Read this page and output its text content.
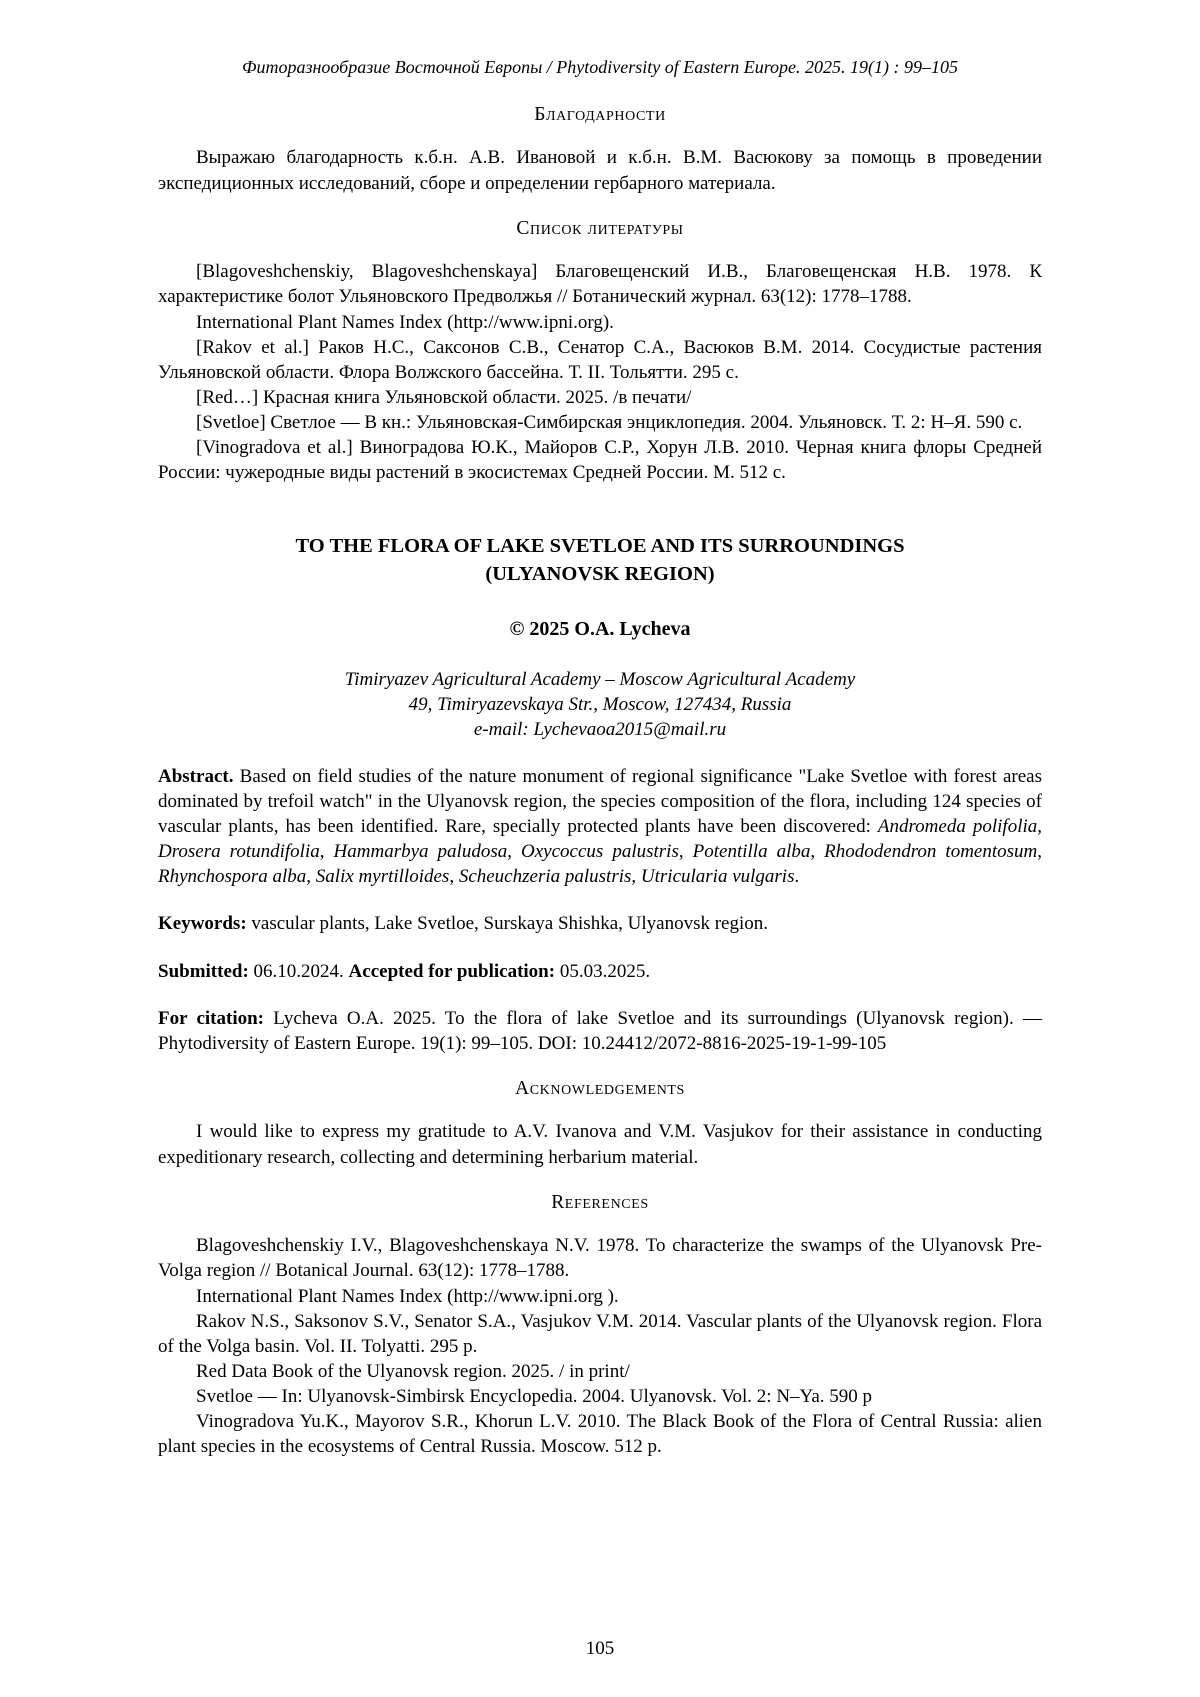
Фиторазнообразие Восточной Европы / Phytodiversity of Eastern Europe. 2025. 19(1) : 99–105
Благодарности

Выражаю благодарность к.б.н. А.В. Ивановой и к.б.н. В.М. Васюкову за помощь в проведении экспедиционных исследований, сборе и определении гербарного материала.

Список литературы

[Blagoveshchenskiy, Blagoveshchenskaya] Благовещенский И.В., Благовещенская Н.В. 1978. К характеристике болот Ульяновского Предволжья // Ботанический журнал. 63(12): 1778–1788.

International Plant Names Index (http://www.ipni.org).

[Rakov et al.] Раков Н.С., Саксонов С.В., Сенатор С.А., Васюков В.М. 2014. Сосудистые растения Ульяновской области. Флора Волжского бассейна. Т. II. Тольятти. 295 с.

[Red…] Красная книга Ульяновской области. 2025. /в печати/

[Svetloe] Светлое — В кн.: Ульяновская-Симбирская энциклопедия. 2004. Ульяновск. Т. 2: Н–Я. 590 с.

[Vinogradova et al.] Виноградова Ю.К., Майоров С.Р., Хорун Л.В. 2010. Черная книга флоры Средней России: чужеродные виды растений в экосистемах Средней России. М. 512 с.

TO THE FLORA OF LAKE SVETLOE AND ITS SURROUNDINGS
(ULYANOVSK REGION)
© 2025 O.A. Lycheva

Timiryazev Agricultural Academy – Moscow Agricultural Academy

49, Timiryazevskaya Str., Moscow, 127434, Russia

e-mail: Lychevaoa2015@mail.ru

Abstract. Based on field studies of the nature monument of regional significance "Lake Svetloe with forest areas dominated by trefoil watch" in the Ulyanovsk region, the species composition of the flora, including 124 species of vascular plants, has been identified. Rare, specially protected plants have been discovered: Andromeda polifolia, Drosera rotundifolia, Hammarbya paludosa, Oxycoccus palustris, Potentilla alba, Rhododendron tomentosum, Rhynchospora alba, Salix myrtilloides, Scheuchzeria palustris, Utricularia vulgaris.

Keywords: vascular plants, Lake Svetloe, Surskaya Shishka, Ulyanovsk region.

Submitted: 06.10.2024. Accepted for publication: 05.03.2025.

For citation: Lycheva O.A. 2025. To the flora of lake Svetloe and its surroundings (Ulyanovsk region). — Phytodiversity of Eastern Europe. 19(1): 99–105. DOI: 10.24412/2072-8816-2025-19-1-99-105

Acknowledgements

I would like to express my gratitude to A.V. Ivanova and V.M. Vasjukov for their assistance in conducting expeditionary research, collecting and determining herbarium material.

References

Blagoveshchenskiy I.V., Blagoveshchenskaya N.V. 1978. To characterize the swamps of the Ulyanovsk Pre-Volga region // Botanical Journal. 63(12): 1778–1788.

International Plant Names Index (http://www.ipni.org ).

Rakov N.S., Saksonov S.V., Senator S.A., Vasjukov V.M. 2014. Vascular plants of the Ulyanovsk region. Flora of the Volga basin. Vol. II. Tolyatti. 295 p.

Red Data Book of the Ulyanovsk region. 2025. / in print/

Svetloe — In: Ulyanovsk-Simbirsk Encyclopedia. 2004. Ulyanovsk. Vol. 2: N–Ya. 590 p

Vinogradova Yu.K., Mayorov S.R., Khorun L.V. 2010. The Black Book of the Flora of Central Russia: alien plant species in the ecosystems of Central Russia. Moscow. 512 p.

105
